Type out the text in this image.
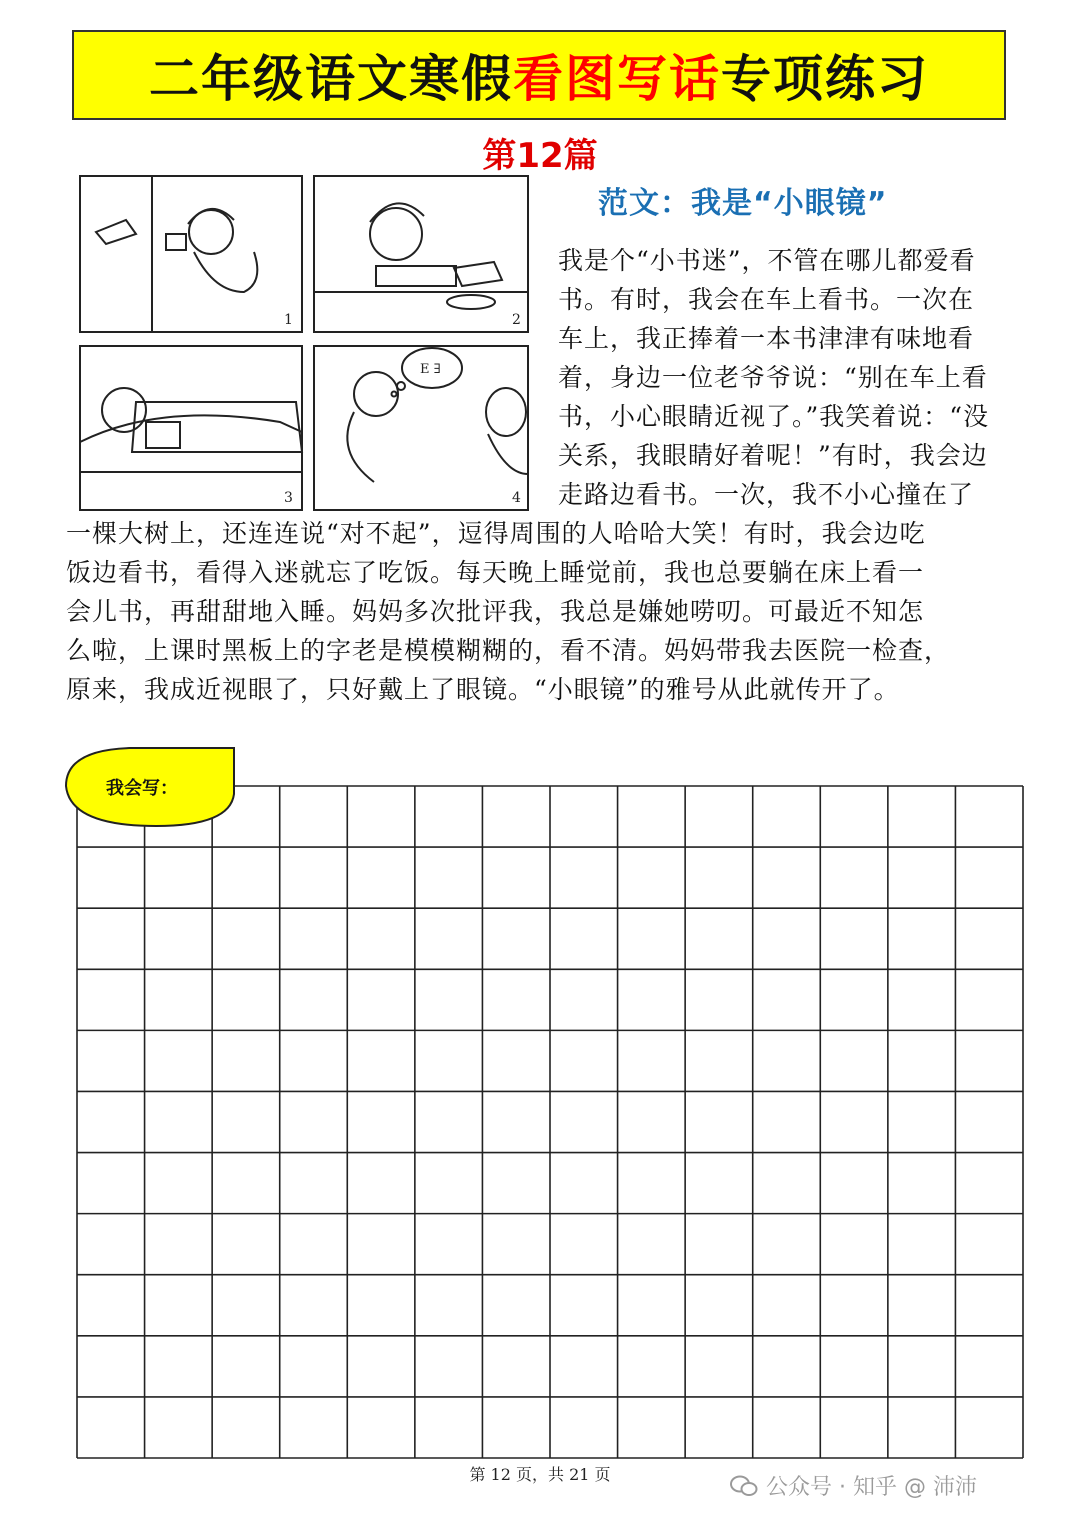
二年级语文寒假 看图写话 专项练习
第12篇
1	2
3	4
E ∃
范文：我是“小眼镜”
我是个“小书迷”，不管在哪儿都爱看
书。有时，我会在车上看书。一次在
车上，我正捧着一本书津津有味地看
着，身边一位老爷爷说：“别在车上看
书，小心眼睛近视了。”我笑着说：“没
关系，我眼睛好着呢！”有时，我会边
走路边看书。一次，我不小心撞在了
一棵大树上，还连连说“对不起”，逗得周围的人哈哈大笑！有时，我会边吃
饭边看书，看得入迷就忘了吃饭。每天晚上睡觉前，我也总要躺在床上看一
会儿书，再甜甜地入睡。妈妈多次批评我，我总是嫌她唠叨。可最近不知怎
么啦，上课时黑板上的字老是模模糊糊的，看不清。妈妈带我去医院一检查，
原来，我成近视眼了，只好戴上了眼镜。“小眼镜”的雅号从此就传开了。
我会写：
第 12 页，共 21 页
公众号 · 知乎 @ 沛沛
